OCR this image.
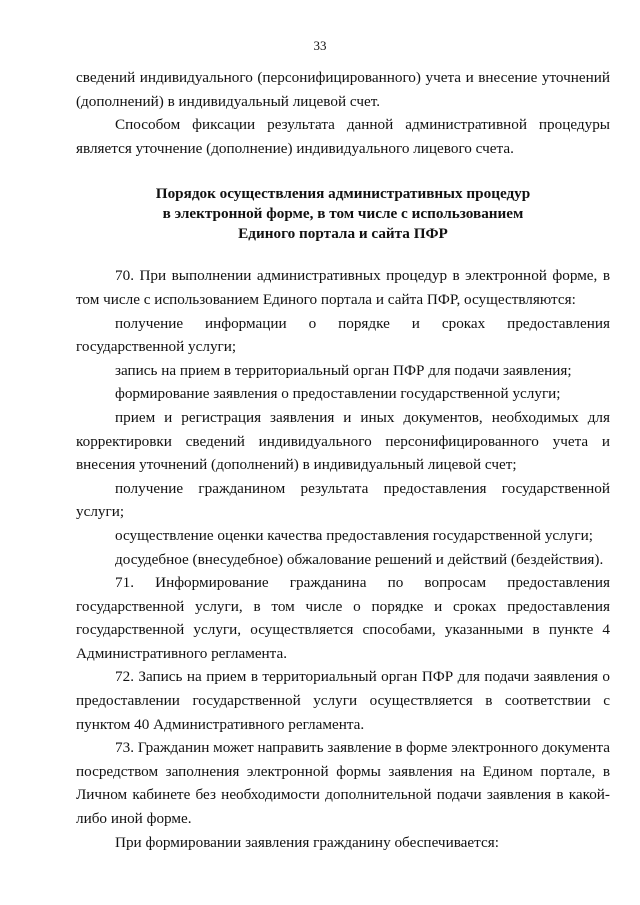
33

сведений индивидуального (персонифицированного) учета и внесение уточнений (дополнений) в индивидуальный лицевой счет.

Способом фиксации результата данной административной процедуры является уточнение (дополнение) индивидуального лицевого счета.

Порядок осуществления административных процедур
в электронной форме, в том числе с использованием
Единого портала и сайта ПФР

70. При выполнении административных процедур в электронной форме, в том числе с использованием Единого портала и сайта ПФР, осуществляются:

получение информации о порядке и сроках предоставления государственной услуги;

запись на прием в территориальный орган ПФР для подачи заявления;

формирование заявления о предоставлении государственной услуги;

прием и регистрация заявления и иных документов, необходимых для корректировки сведений индивидуального персонифицированного учета и внесения уточнений (дополнений) в индивидуальный лицевой счет;

получение гражданином результата предоставления государственной услуги;

осуществление оценки качества предоставления государственной услуги;

досудебное (внесудебное) обжалование решений и действий (бездействия).

71. Информирование гражданина по вопросам предоставления государственной услуги, в том числе о порядке и сроках предоставления государственной услуги, осуществляется способами, указанными в пункте 4 Административного регламента.

72. Запись на прием в территориальный орган ПФР для подачи заявления о предоставлении государственной услуги осуществляется в соответствии с пунктом 40 Административного регламента.

73. Гражданин может направить заявление в форме электронного документа посредством заполнения электронной формы заявления на Едином портале, в Личном кабинете без необходимости дополнительной подачи заявления в какой-либо иной форме.

При формировании заявления гражданину обеспечивается:
